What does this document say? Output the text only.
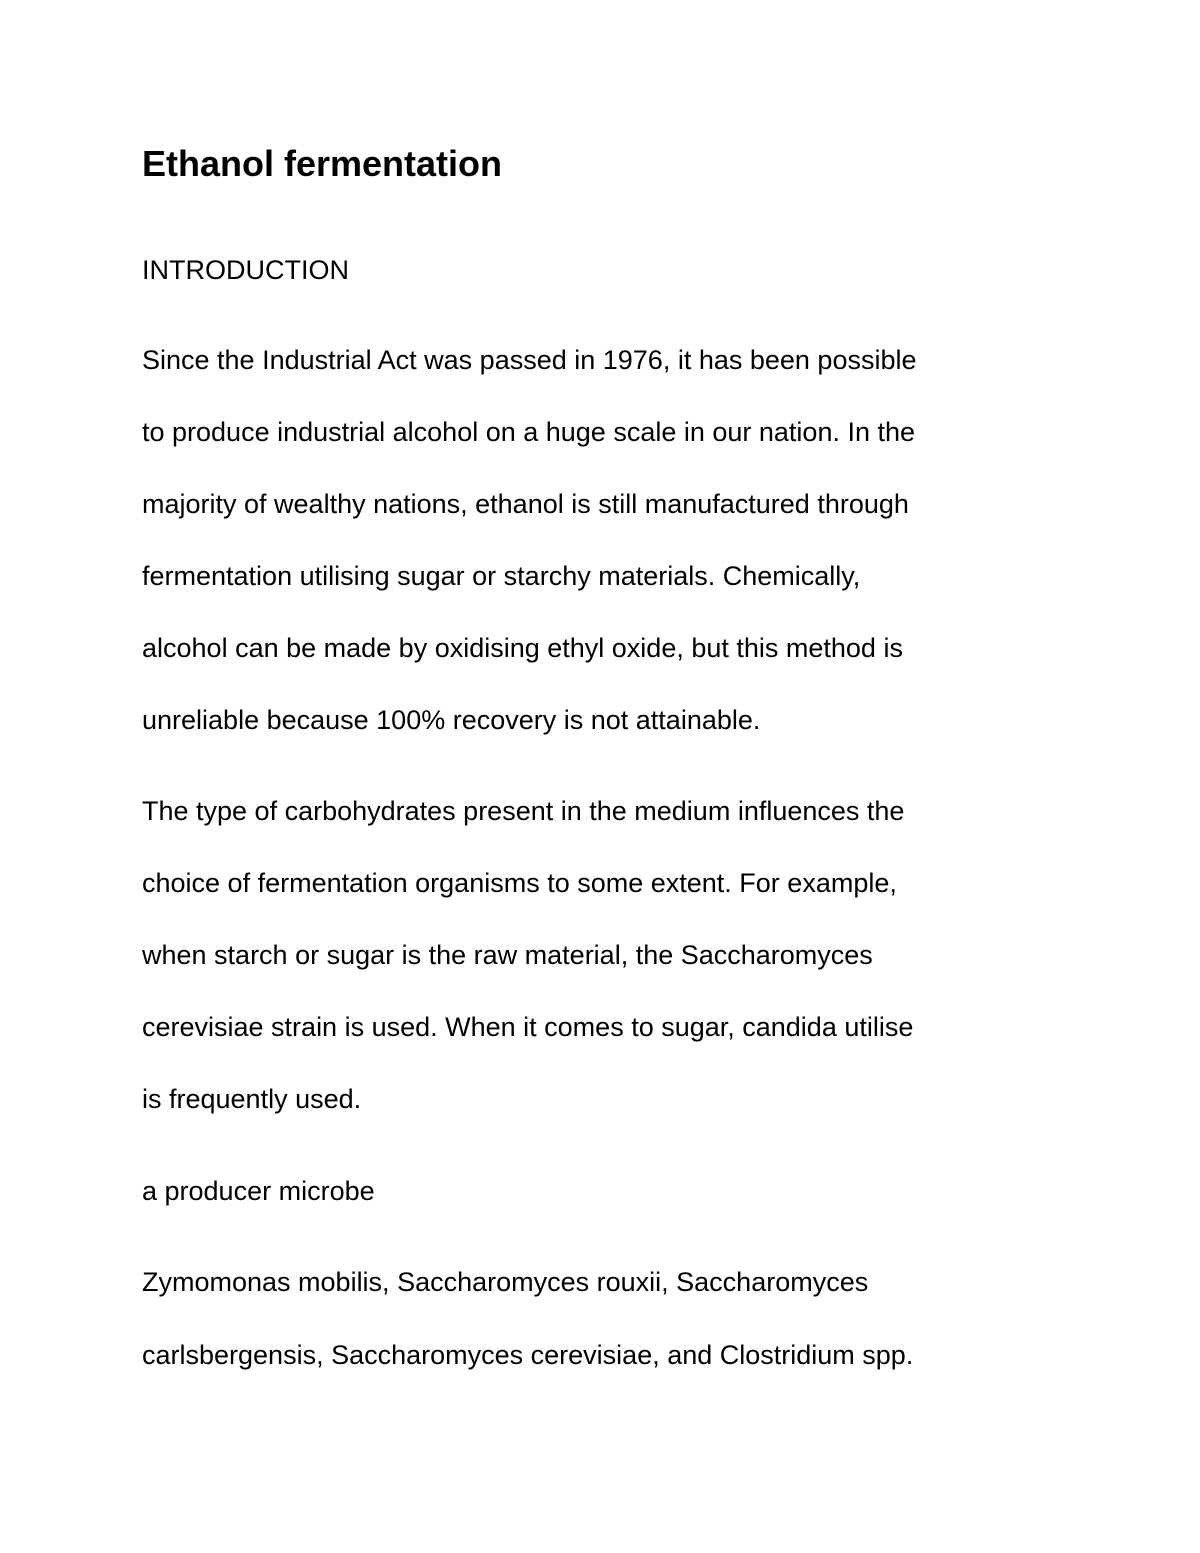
Ethanol fermentation
INTRODUCTION
Since the Industrial Act was passed in 1976, it has been possible
to produce industrial alcohol on a huge scale in our nation. In the
majority of wealthy nations, ethanol is still manufactured through
fermentation utilising sugar or starchy materials. Chemically,
alcohol can be made by oxidising ethyl oxide, but this method is
unreliable because 100% recovery is not attainable.
The type of carbohydrates present in the medium influences the
choice of fermentation organisms to some extent. For example,
when starch or sugar is the raw material, the Saccharomyces
cerevisiae strain is used. When it comes to sugar, candida utilise
is frequently used.
a producer microbe
Zymomonas mobilis, Saccharomyces rouxii, Saccharomyces
carlsbergensis, Saccharomyces cerevisiae, and Clostridium spp.
